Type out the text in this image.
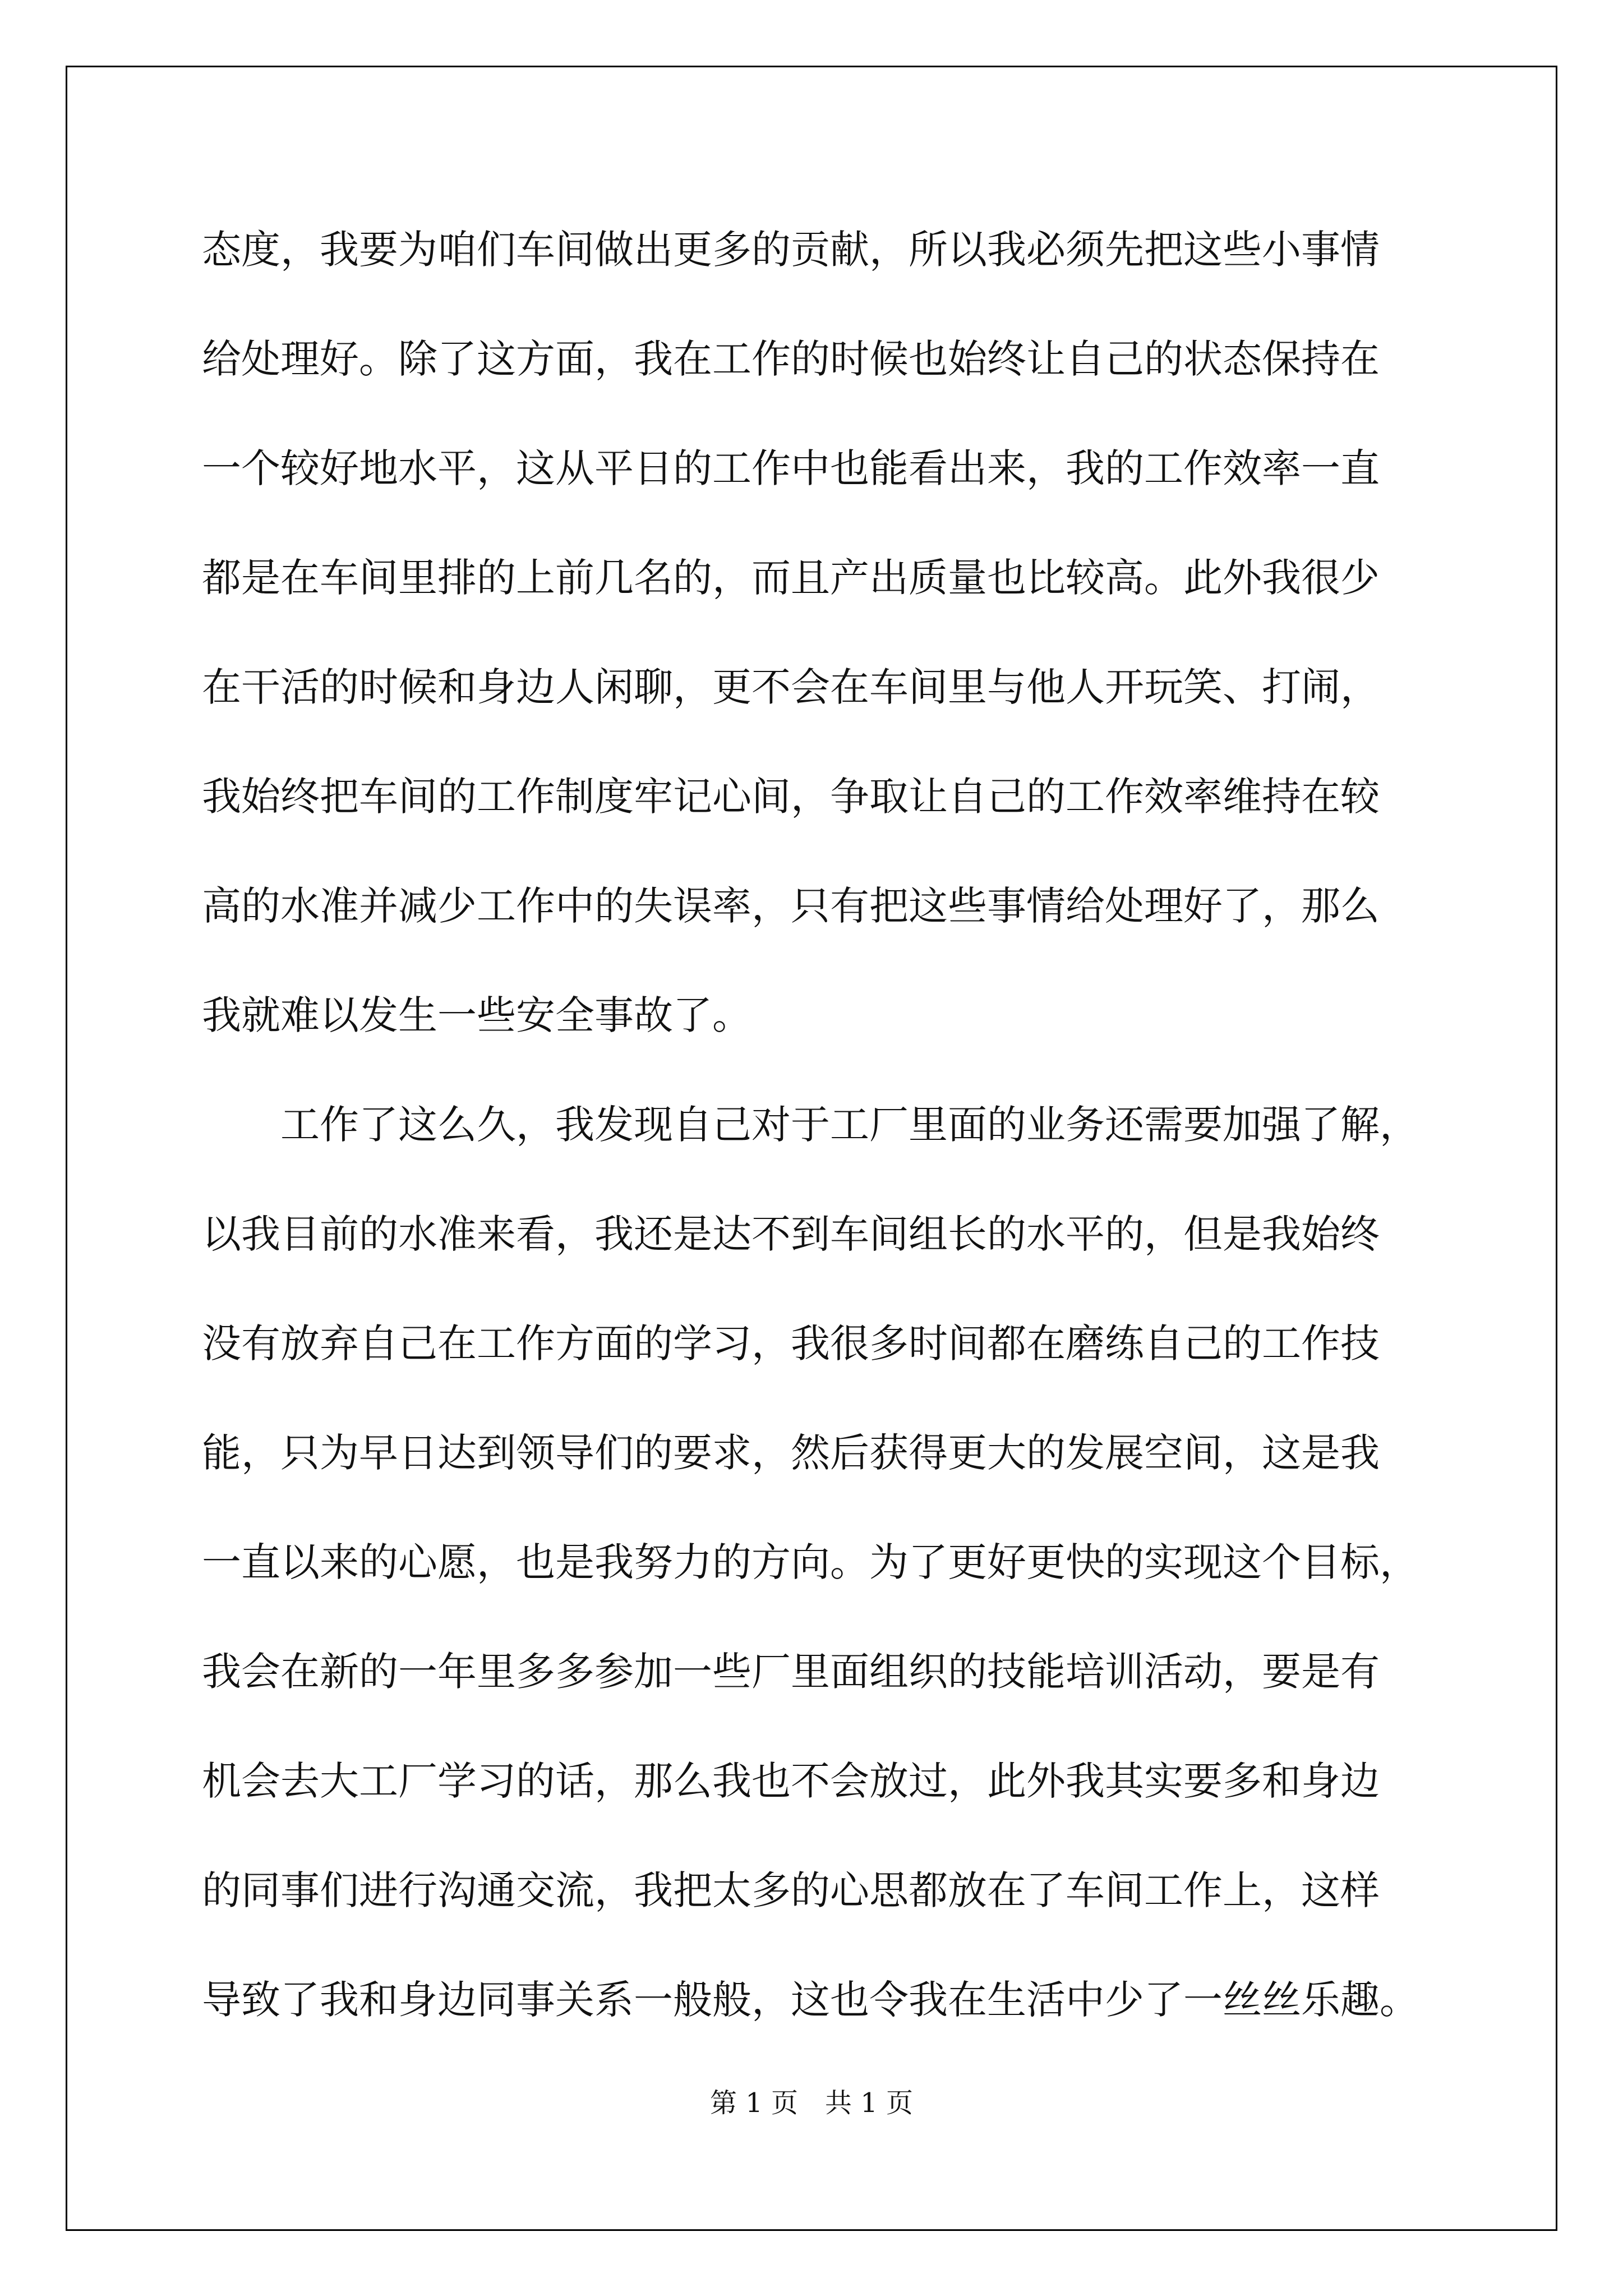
态度，我要为咱们车间做出更多的贡献，所以我必须先把这些小事情
给处理好。除了这方面，我在工作的时候也始终让自己的状态保持在
一个较好地水平，这从平日的工作中也能看出来，我的工作效率一直
都是在车间里排的上前几名的，而且产出质量也比较高。此外我很少
在干活的时候和身边人闲聊，更不会在车间里与他人开玩笑、打闹，
我始终把车间的工作制度牢记心间，争取让自己的工作效率维持在较
高的水准并减少工作中的失误率，只有把这些事情给处理好了，那么
我就难以发生一些安全事故了。
工作了这么久，我发现自己对于工厂里面的业务还需要加强了解，
以我目前的水准来看，我还是达不到车间组长的水平的，但是我始终
没有放弃自己在工作方面的学习，我很多时间都在磨练自己的工作技
能，只为早日达到领导们的要求，然后获得更大的发展空间，这是我
一直以来的心愿，也是我努力的方向。为了更好更快的实现这个目标，
我会在新的一年里多多参加一些厂里面组织的技能培训活动，要是有
机会去大工厂学习的话，那么我也不会放过，此外我其实要多和身边
的同事们进行沟通交流，我把太多的心思都放在了车间工作上，这样
导致了我和身边同事关系一般般，这也令我在生活中少了一丝丝乐趣。
第 1 页 共 1 页
